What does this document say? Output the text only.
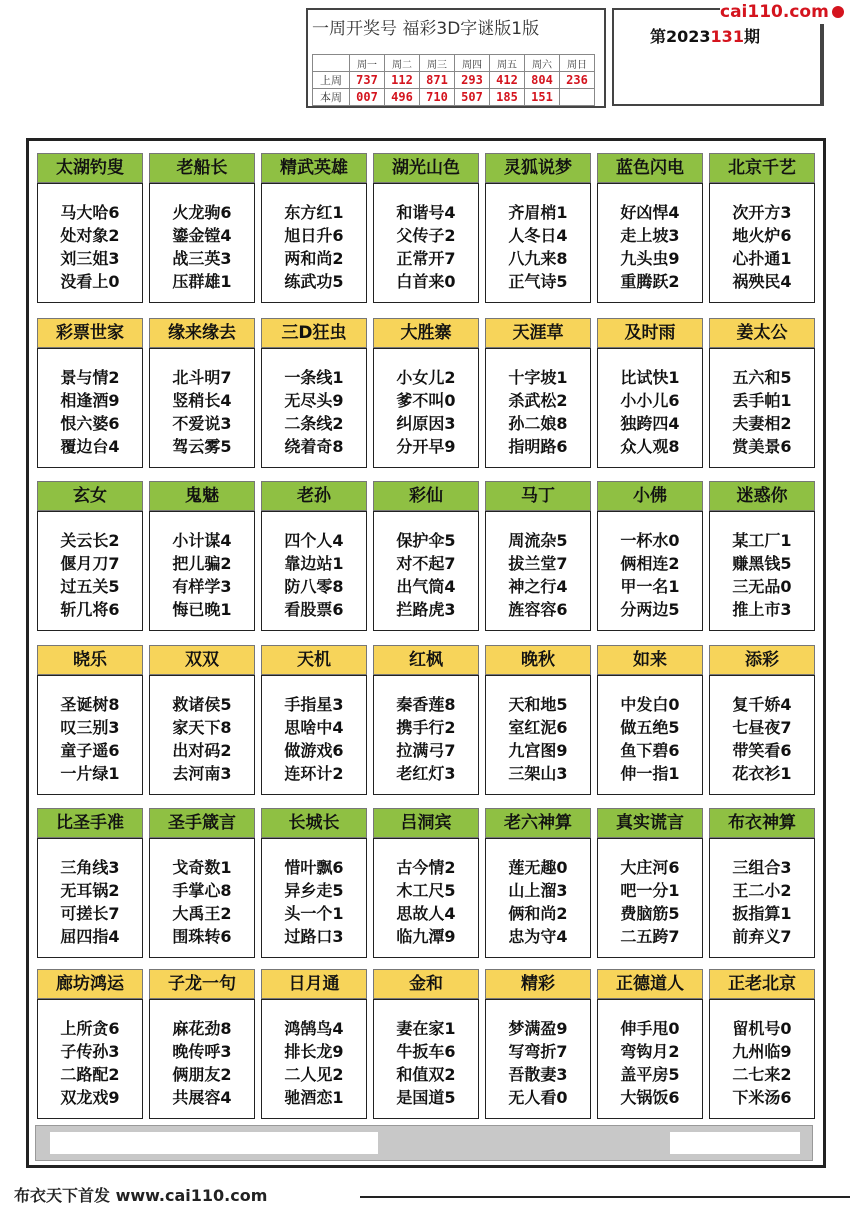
一周开奖号 福彩3D字谜版1版
	周一	周二	周三	周四	周五	周六	周日
上周	737	112	871	293	412	804	236
本周	007	496	710	507	185	151	
第2023131期
cai110.com
太湖钓叟
马大哈6
处对象2
刘三姐3
没看上0
老船长
火龙驹6
鎏金镗4
战三英3
压群雄1
精武英雄
东方红1
旭日升6
两和尚2
练武功5
湖光山色
和谐号4
父传子2
正常开7
白首来0
灵狐说梦
齐眉梢1
人冬日4
八九来8
正气诗5
蓝色闪电
好凶悍4
走上坡3
九头虫9
重腾跃2
北京千艺
次开方3
地火炉6
心扑通1
祸殃民4
彩票世家
景与情2
相逢酒9
恨六婆6
覆边台4
缘来缘去
北斗明7
竖稍长4
不爱说3
驾云雾5
三D狂虫
一条线1
无尽头9
二条线2
绕着奇8
大胜寨
小女儿2
爹不叫0
纠原因3
分开早9
天涯草
十字坡1
杀武松2
孙二娘8
指明路6
及时雨
比试快1
小小儿6
独跨四4
众人观8
姜太公
五六和5
丢手帕1
夫妻相2
赏美景6
玄女
关云长2
偃月刀7
过五关5
斩几将6
鬼魅
小计谋4
把儿骗2
有样学3
悔已晚1
老孙
四个人4
靠边站1
防八零8
看股票6
彩仙
保护伞5
对不起7
出气筒4
拦路虎3
马丁
周流杂5
拔兰堂7
神之行4
旌容容6
小佛
一杯水0
俩相连2
甲一名1
分两边5
迷惑你
某工厂1
赚黑钱5
三无品0
推上市3
晓乐
圣诞树8
叹三别3
童子遥6
一片绿1
双双
救诸侯5
家天下8
出对码2
去河南3
天机
手指星3
思啥中4
做游戏6
连环计2
红枫
秦香莲8
携手行2
拉满弓7
老红灯3
晚秋
天和地5
室红泥6
九宫图9
三架山3
如来
中发白0
做五绝5
鱼下碧6
伸一指1
添彩
复千娇4
七昼夜7
带笑看6
花衣衫1
比圣手准
三角线3
无耳锅2
可搓长7
屈四指4
圣手箴言
戈奇数1
手掌心8
大禹王2
围珠转6
长城长
惜叶飘6
异乡走5
头一个1
过路口3
吕洞宾
古今情2
木工尺5
思故人4
临九潭9
老六神算
莲无趣0
山上溜3
俩和尚2
忠为守4
真实谎言
大庄河6
吧一分1
费脑筋5
二五跨7
布衣神算
三组合3
王二小2
扳指算1
前弃义7
廊坊鸿运
上所贪6
子传孙3
二路配2
双龙戏9
子龙一句
麻花劲8
晚传呼3
俩朋友2
共展容4
日月通
鸿鹄鸟4
排长龙9
二人见2
驰酒恋1
金和
妻在家1
牛扳车6
和值双2
是国道5
精彩
梦满盈9
写弯折7
吾散妻3
无人看0
正德道人
伸手甩0
弯钩月2
盖平房5
大锅饭6
正老北京
留机号0
九州临9
二七来2
下米汤6
布衣天下首发 www.cai110.com
